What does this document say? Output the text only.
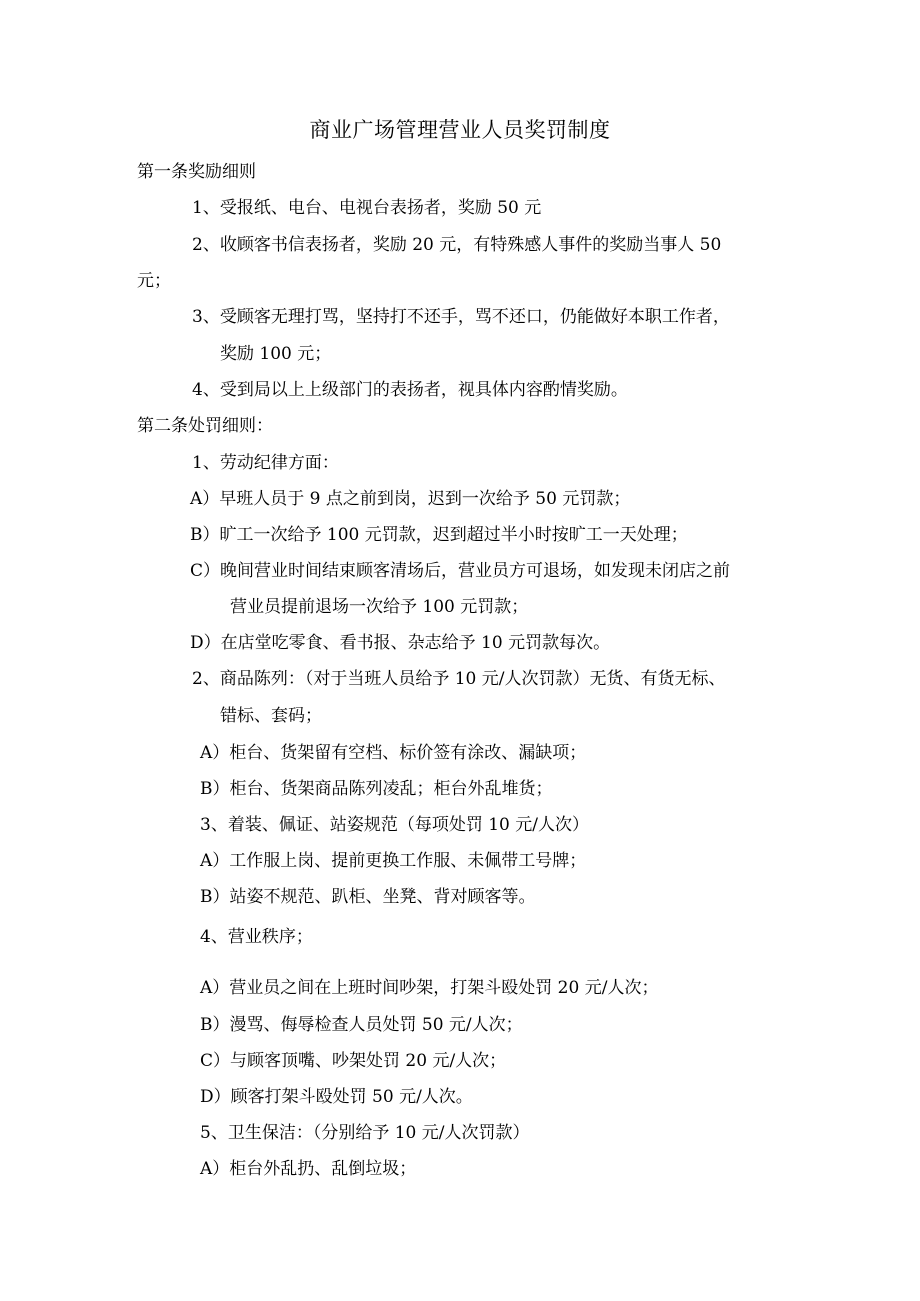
商业广场管理营业人员奖罚制度
第一条奖励细则
1、受报纸、电台、电视台表扬者，奖励 50 元
2、收顾客书信表扬者，奖励 20 元，有特殊感人事件的奖励当事人 50
元；
3、受顾客无理打骂，坚持打不还手，骂不还口，仍能做好本职工作者，
奖励 100 元；
4、受到局以上上级部门的表扬者，视具体内容酌情奖励。
第二条处罚细则：
1、劳动纪律方面：
A）早班人员于 9 点之前到岗，迟到一次给予 50 元罚款；
B）旷工一次给予 100 元罚款，迟到超过半小时按旷工一天处理；
C）晚间营业时间结束顾客清场后，营业员方可退场，如发现未闭店之前
营业员提前退场一次给予 100 元罚款；
D）在店堂吃零食、看书报、杂志给予 10 元罚款每次。
2、商品陈列：（对于当班人员给予 10 元/人次罚款）无货、有货无标、
错标、套码；
A）柜台、货架留有空档、标价签有涂改、漏缺项；
B）柜台、货架商品陈列凌乱；柜台外乱堆货；
3、着装、佩证、站姿规范（每项处罚 10 元/人次）
A）工作服上岗、提前更换工作服、未佩带工号牌；
B）站姿不规范、趴柜、坐凳、背对顾客等。
4、营业秩序；
A）营业员之间在上班时间吵架，打架斗殴处罚 20 元/人次；
B）漫骂、侮辱检查人员处罚 50 元/人次；
C）与顾客顶嘴、吵架处罚 20 元/人次；
D）顾客打架斗殴处罚 50 元/人次。
5、卫生保洁：（分别给予 10 元/人次罚款）
A）柜台外乱扔、乱倒垃圾；
